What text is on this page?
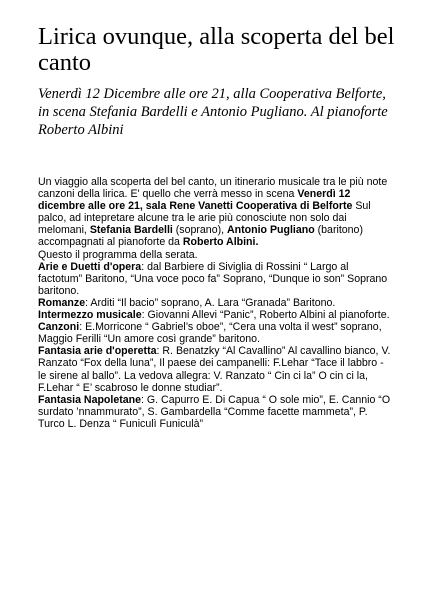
Lirica ovunque, alla scoperta del bel canto

Venerdì 12 Dicembre alle ore 21, alla Cooperativa Belforte, in scena Stefania Bardelli e Antonio Pugliano. Al pianoforte Roberto Albini

Un viaggio alla scoperta del bel canto, un itinerario musicale tra le più note canzoni della lirica. E' quello che verrà messo in scena Venerdì 12 dicembre alle ore 21, sala Rene Vanetti Cooperativa di Belforte Sul palco, ad intepretare alcune tra le arie più conosciute non solo dai melomani, Stefania Bardelli (soprano), Antonio Pugliano (baritono) accompagnati al pianoforte da Roberto Albini.

Questo il programma della serata.

Arie e Duetti d'opera: dal Barbiere di Siviglia di Rossini “ Largo al factotum” Baritono, “Una voce poco fa” Soprano, “Dunque io son” Soprano baritono.

Romanze: Arditi “Il bacio” soprano, A. Lara “Granada” Baritono.

Intermezzo musicale: Giovanni Allevi “Panic”, Roberto Albini al pianoforte.

Canzoni: E.Morricone “ Gabriel’s oboe”, “Cera una volta il west” soprano, Maggio Ferilli “Un amore così grande” baritono.

Fantasia arie d'operetta: R. Benatzky “Al Cavallino” Al cavallino bianco, V. Ranzato “Fox della luna”, Il paese dei campanelli: F.Lehar “Tace il labbro - le sirene al ballo”. La vedova allegra: V. Ranzato “ Cin ci la” O cin ci la, F.Lehar “ E’ scabroso le donne studiar”.

Fantasia Napoletane: G. Capurro E. Di Capua “ O sole mio”, E. Cannio “O surdato ’nnammurato”, S. Gambardella “Comme facette mammeta”, P. Turco L. Denza “ Funiculì Funiculà”
